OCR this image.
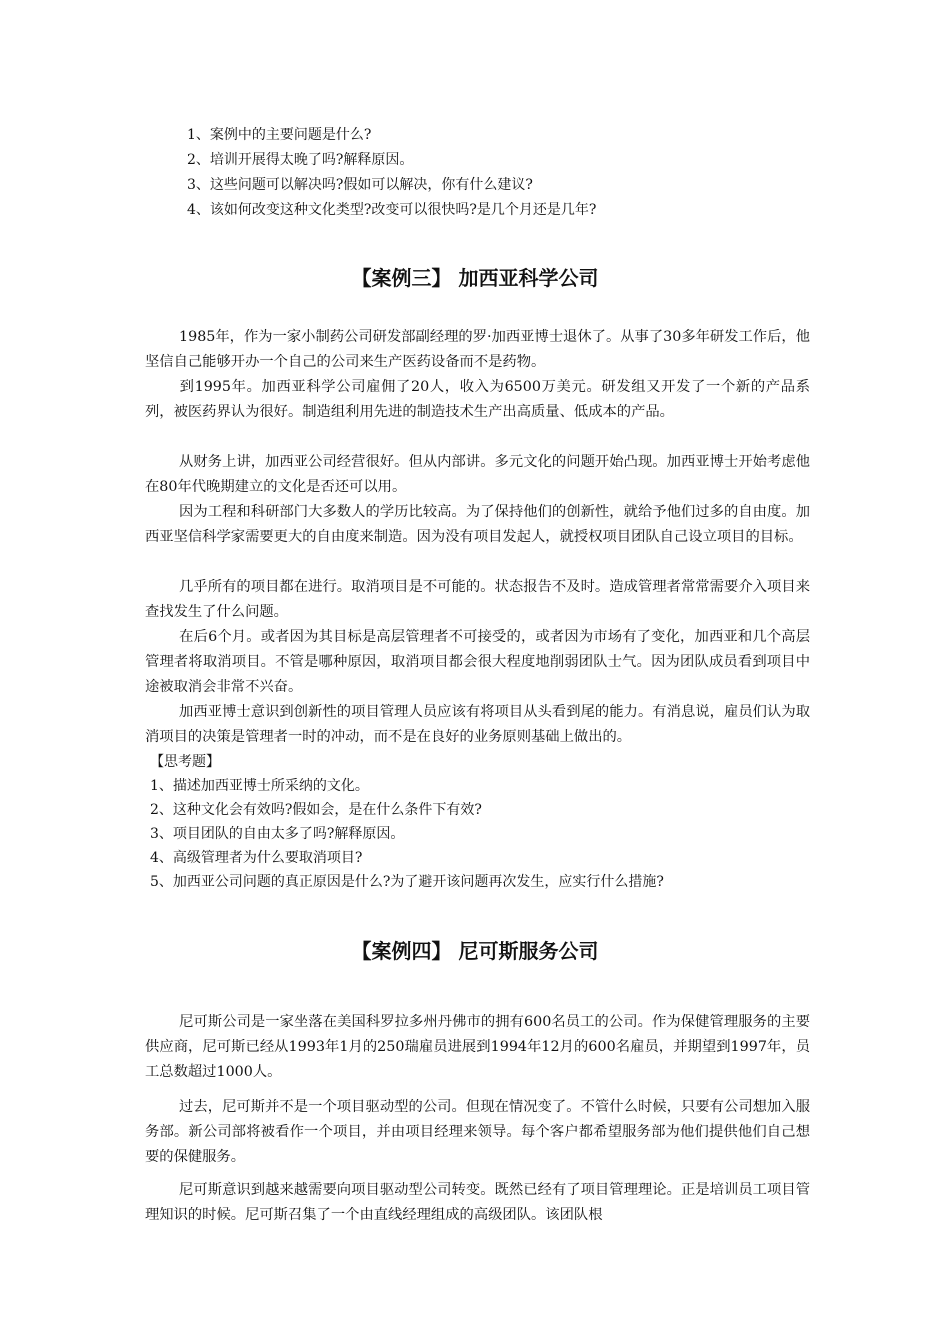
1、案例中的主要问题是什么?
2、培训开展得太晚了吗?解释原因。
3、这些问题可以解决吗?假如可以解决，你有什么建议?
4、该如何改变这种文化类型?改变可以很快吗?是几个月还是几年?
【案例三】 加西亚科学公司
1985年，作为一家小制药公司研发部副经理的罗·加西亚博士退休了。从事了30多年研发工作后，他坚信自己能够开办一个自己的公司来生产医药设备而不是药物。
到1995年。加西亚科学公司雇佣了20人，收入为6500万美元。研发组又开发了一个新的产品系列，被医药界认为很好。制造组利用先进的制造技术生产出高质量、低成本的产品。
从财务上讲，加西亚公司经营很好。但从内部讲。多元文化的问题开始凸现。加西亚博士开始考虑他在80年代晚期建立的文化是否还可以用。
因为工程和科研部门大多数人的学历比较高。为了保持他们的创新性，就给予他们过多的自由度。加西亚坚信科学家需要更大的自由度来制造。因为没有项目发起人，就授权项目团队自己设立项目的目标。
几乎所有的项目都在进行。取消项目是不可能的。状态报告不及时。造成管理者常常需要介入项目来查找发生了什么问题。
在后6个月。或者因为其目标是高层管理者不可接受的，或者因为市场有了变化，加西亚和几个高层管理者将取消项目。不管是哪种原因，取消项目都会很大程度地削弱团队士气。因为团队成员看到项目中途被取消会非常不兴奋。
加西亚博士意识到创新性的项目管理人员应该有将项目从头看到尾的能力。有消息说，雇员们认为取消项目的决策是管理者一时的冲动，而不是在良好的业务原则基础上做出的。
【思考题】
1、描述加西亚博士所采纳的文化。
2、这种文化会有效吗?假如会，是在什么条件下有效?
3、项目团队的自由太多了吗?解释原因。
4、高级管理者为什么要取消项目?
5、加西亚公司问题的真正原因是什么?为了避开该问题再次发生，应实行什么措施?
【案例四】 尼可斯服务公司
尼可斯公司是一家坐落在美国科罗拉多州丹佛市的拥有600名员工的公司。作为保健管理服务的主要供应商，尼可斯已经从1993年1月的250瑞雇员进展到1994年12月的600名雇员，并期望到1997年，员工总数超过1000人。
过去，尼可斯并不是一个项目驱动型的公司。但现在情况变了。不管什么时候，只要有公司想加入服务部。新公司部将被看作一个项目，并由项目经理来领导。每个客户都希望服务部为他们提供他们自己想要的保健服务。
尼可斯意识到越来越需要向项目驱动型公司转变。既然已经有了项目管理理论。正是培训员工项目管理知识的时候。尼可斯召集了一个由直线经理组成的高级团队。该团队根
